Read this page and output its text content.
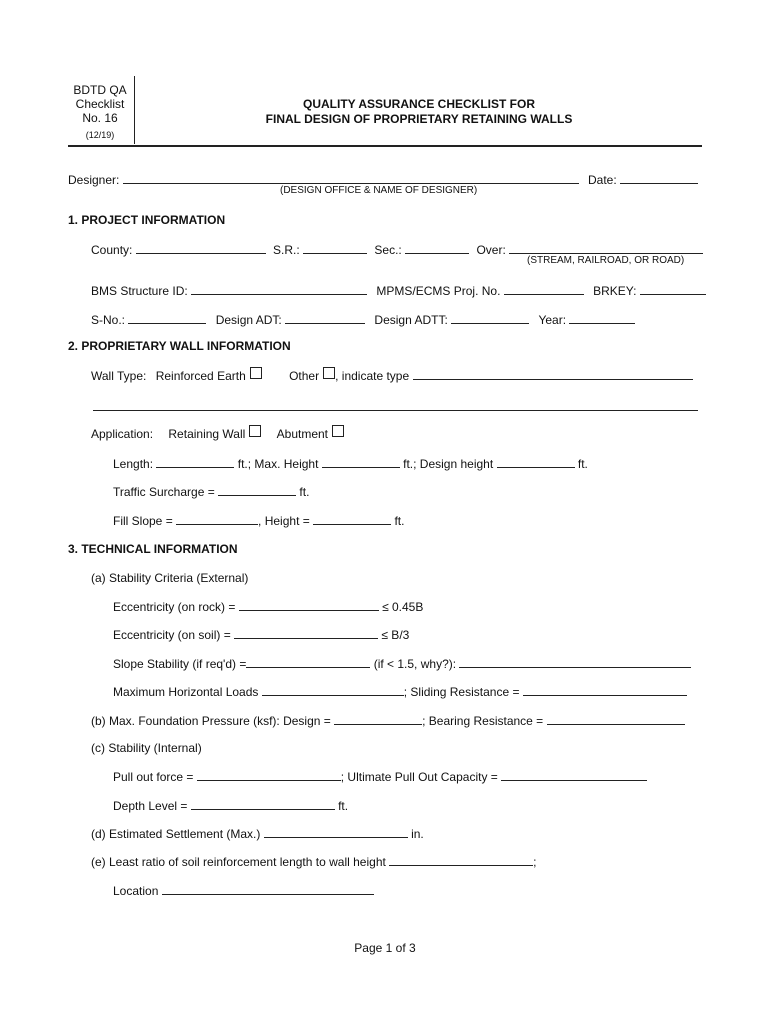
BDTD QA
Checklist
No. 16
(12/19)
QUALITY ASSURANCE CHECKLIST FOR
FINAL DESIGN OF PROPRIETARY RETAINING WALLS
Designer:	Date:
(DESIGN OFFICE & NAME OF DESIGNER)
1. PROJECT INFORMATION
County:	S.R.:	Sec.:	Over:
(STREAM, RAILROAD, OR ROAD)
BMS Structure ID:	MPMS/ECMS Proj. No.	BRKEY:
S-No.:	Design ADT:	Design ADTT:	Year:
2. PROPRIETARY WALL INFORMATION
Wall Type: Reinforced Earth	Other , indicate type
Application: Retaining Wall	Abutment
Length:	ft.; Max. Height	ft.; Design height	ft.
Traffic Surcharge =	ft.
Fill Slope =	, Height =	ft.
3. TECHNICAL INFORMATION
(a) Stability Criteria (External)
Eccentricity (on rock) =	≤ 0.45B
Eccentricity (on soil) =	≤ B/3
Slope Stability (if req'd) =	(if < 1.5, why?):
Maximum Horizontal Loads	; Sliding Resistance =
(b) Max. Foundation Pressure (ksf): Design =	; Bearing Resistance =
(c) Stability (Internal)
Pull out force =	; Ultimate Pull Out Capacity =
Depth Level =	ft.
(d) Estimated Settlement (Max.)	in.
(e) Least ratio of soil reinforcement length to wall height	;
Location
Page 1 of 3
